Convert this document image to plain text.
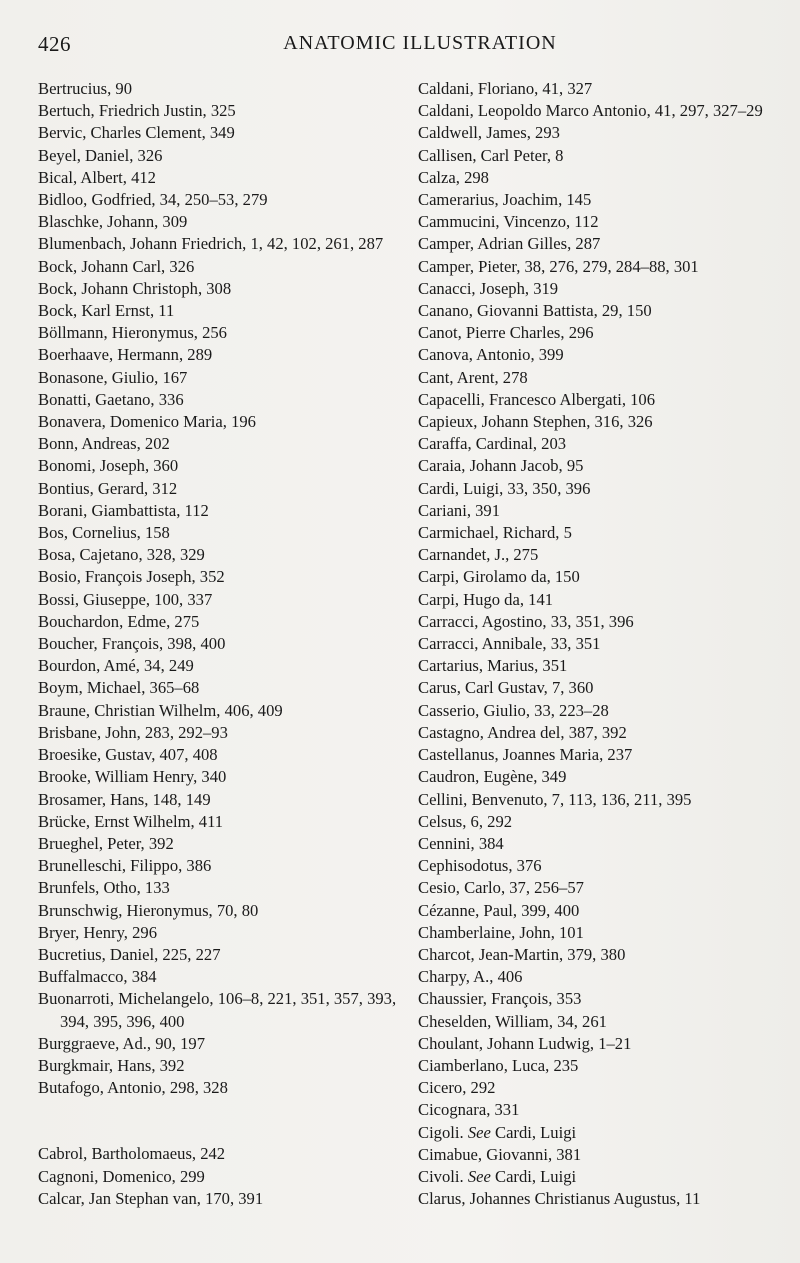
426	ANATOMIC ILLUSTRATION
Bertrucius, 90
Bertuch, Friedrich Justin, 325
Bervic, Charles Clement, 349
Beyel, Daniel, 326
Bical, Albert, 412
Bidloo, Godfried, 34, 250–53, 279
Blaschke, Johann, 309
Blumenbach, Johann Friedrich, 1, 42, 102, 261, 287
Bock, Johann Carl, 326
Bock, Johann Christoph, 308
Bock, Karl Ernst, 11
Böllmann, Hieronymus, 256
Boerhaave, Hermann, 289
Bonasone, Giulio, 167
Bonatti, Gaetano, 336
Bonavera, Domenico Maria, 196
Bonn, Andreas, 202
Bonomi, Joseph, 360
Bontius, Gerard, 312
Borani, Giambattista, 112
Bos, Cornelius, 158
Bosa, Cajetano, 328, 329
Bosio, François Joseph, 352
Bossi, Giuseppe, 100, 337
Bouchardon, Edme, 275
Boucher, François, 398, 400
Bourdon, Amé, 34, 249
Boym, Michael, 365–68
Braune, Christian Wilhelm, 406, 409
Brisbane, John, 283, 292–93
Broesike, Gustav, 407, 408
Brooke, William Henry, 340
Brosamer, Hans, 148, 149
Brücke, Ernst Wilhelm, 411
Brueghel, Peter, 392
Brunelleschi, Filippo, 386
Brunfels, Otho, 133
Brunschwig, Hieronymus, 70, 80
Bryer, Henry, 296
Bucretius, Daniel, 225, 227
Buffalmacco, 384
Buonarroti, Michelangelo, 106–8, 221, 351, 357, 393, 394, 395, 396, 400
Burggraeve, Ad., 90, 197
Burgkmair, Hans, 392
Butafogo, Antonio, 298, 328
Cabrol, Bartholomaeus, 242
Cagnoni, Domenico, 299
Calcar, Jan Stephan van, 170, 391
Caldani, Floriano, 41, 327
Caldani, Leopoldo Marco Antonio, 41, 297, 327–29
Caldwell, James, 293
Callisen, Carl Peter, 8
Calza, 298
Camerarius, Joachim, 145
Cammucini, Vincenzo, 112
Camper, Adrian Gilles, 287
Camper, Pieter, 38, 276, 279, 284–88, 301
Canacci, Joseph, 319
Canano, Giovanni Battista, 29, 150
Canot, Pierre Charles, 296
Canova, Antonio, 399
Cant, Arent, 278
Capacelli, Francesco Albergati, 106
Capieux, Johann Stephen, 316, 326
Caraffa, Cardinal, 203
Caraia, Johann Jacob, 95
Cardi, Luigi, 33, 350, 396
Cariani, 391
Carmichael, Richard, 5
Carnandet, J., 275
Carpi, Girolamo da, 150
Carpi, Hugo da, 141
Carracci, Agostino, 33, 351, 396
Carracci, Annibale, 33, 351
Cartarius, Marius, 351
Carus, Carl Gustav, 7, 360
Casserio, Giulio, 33, 223–28
Castagno, Andrea del, 387, 392
Castellanus, Joannes Maria, 237
Caudron, Eugène, 349
Cellini, Benvenuto, 7, 113, 136, 211, 395
Celsus, 6, 292
Cennini, 384
Cephisodotus, 376
Cesio, Carlo, 37, 256–57
Cézanne, Paul, 399, 400
Chamberlaine, John, 101
Charcot, Jean-Martin, 379, 380
Charpy, A., 406
Chaussier, François, 353
Cheselden, William, 34, 261
Choulant, Johann Ludwig, 1–21
Ciamberlano, Luca, 235
Cicero, 292
Cicognara, 331
Cigoli. See Cardi, Luigi
Cimabue, Giovanni, 381
Civoli. See Cardi, Luigi
Clarus, Johannes Christianus Augustus, 11
